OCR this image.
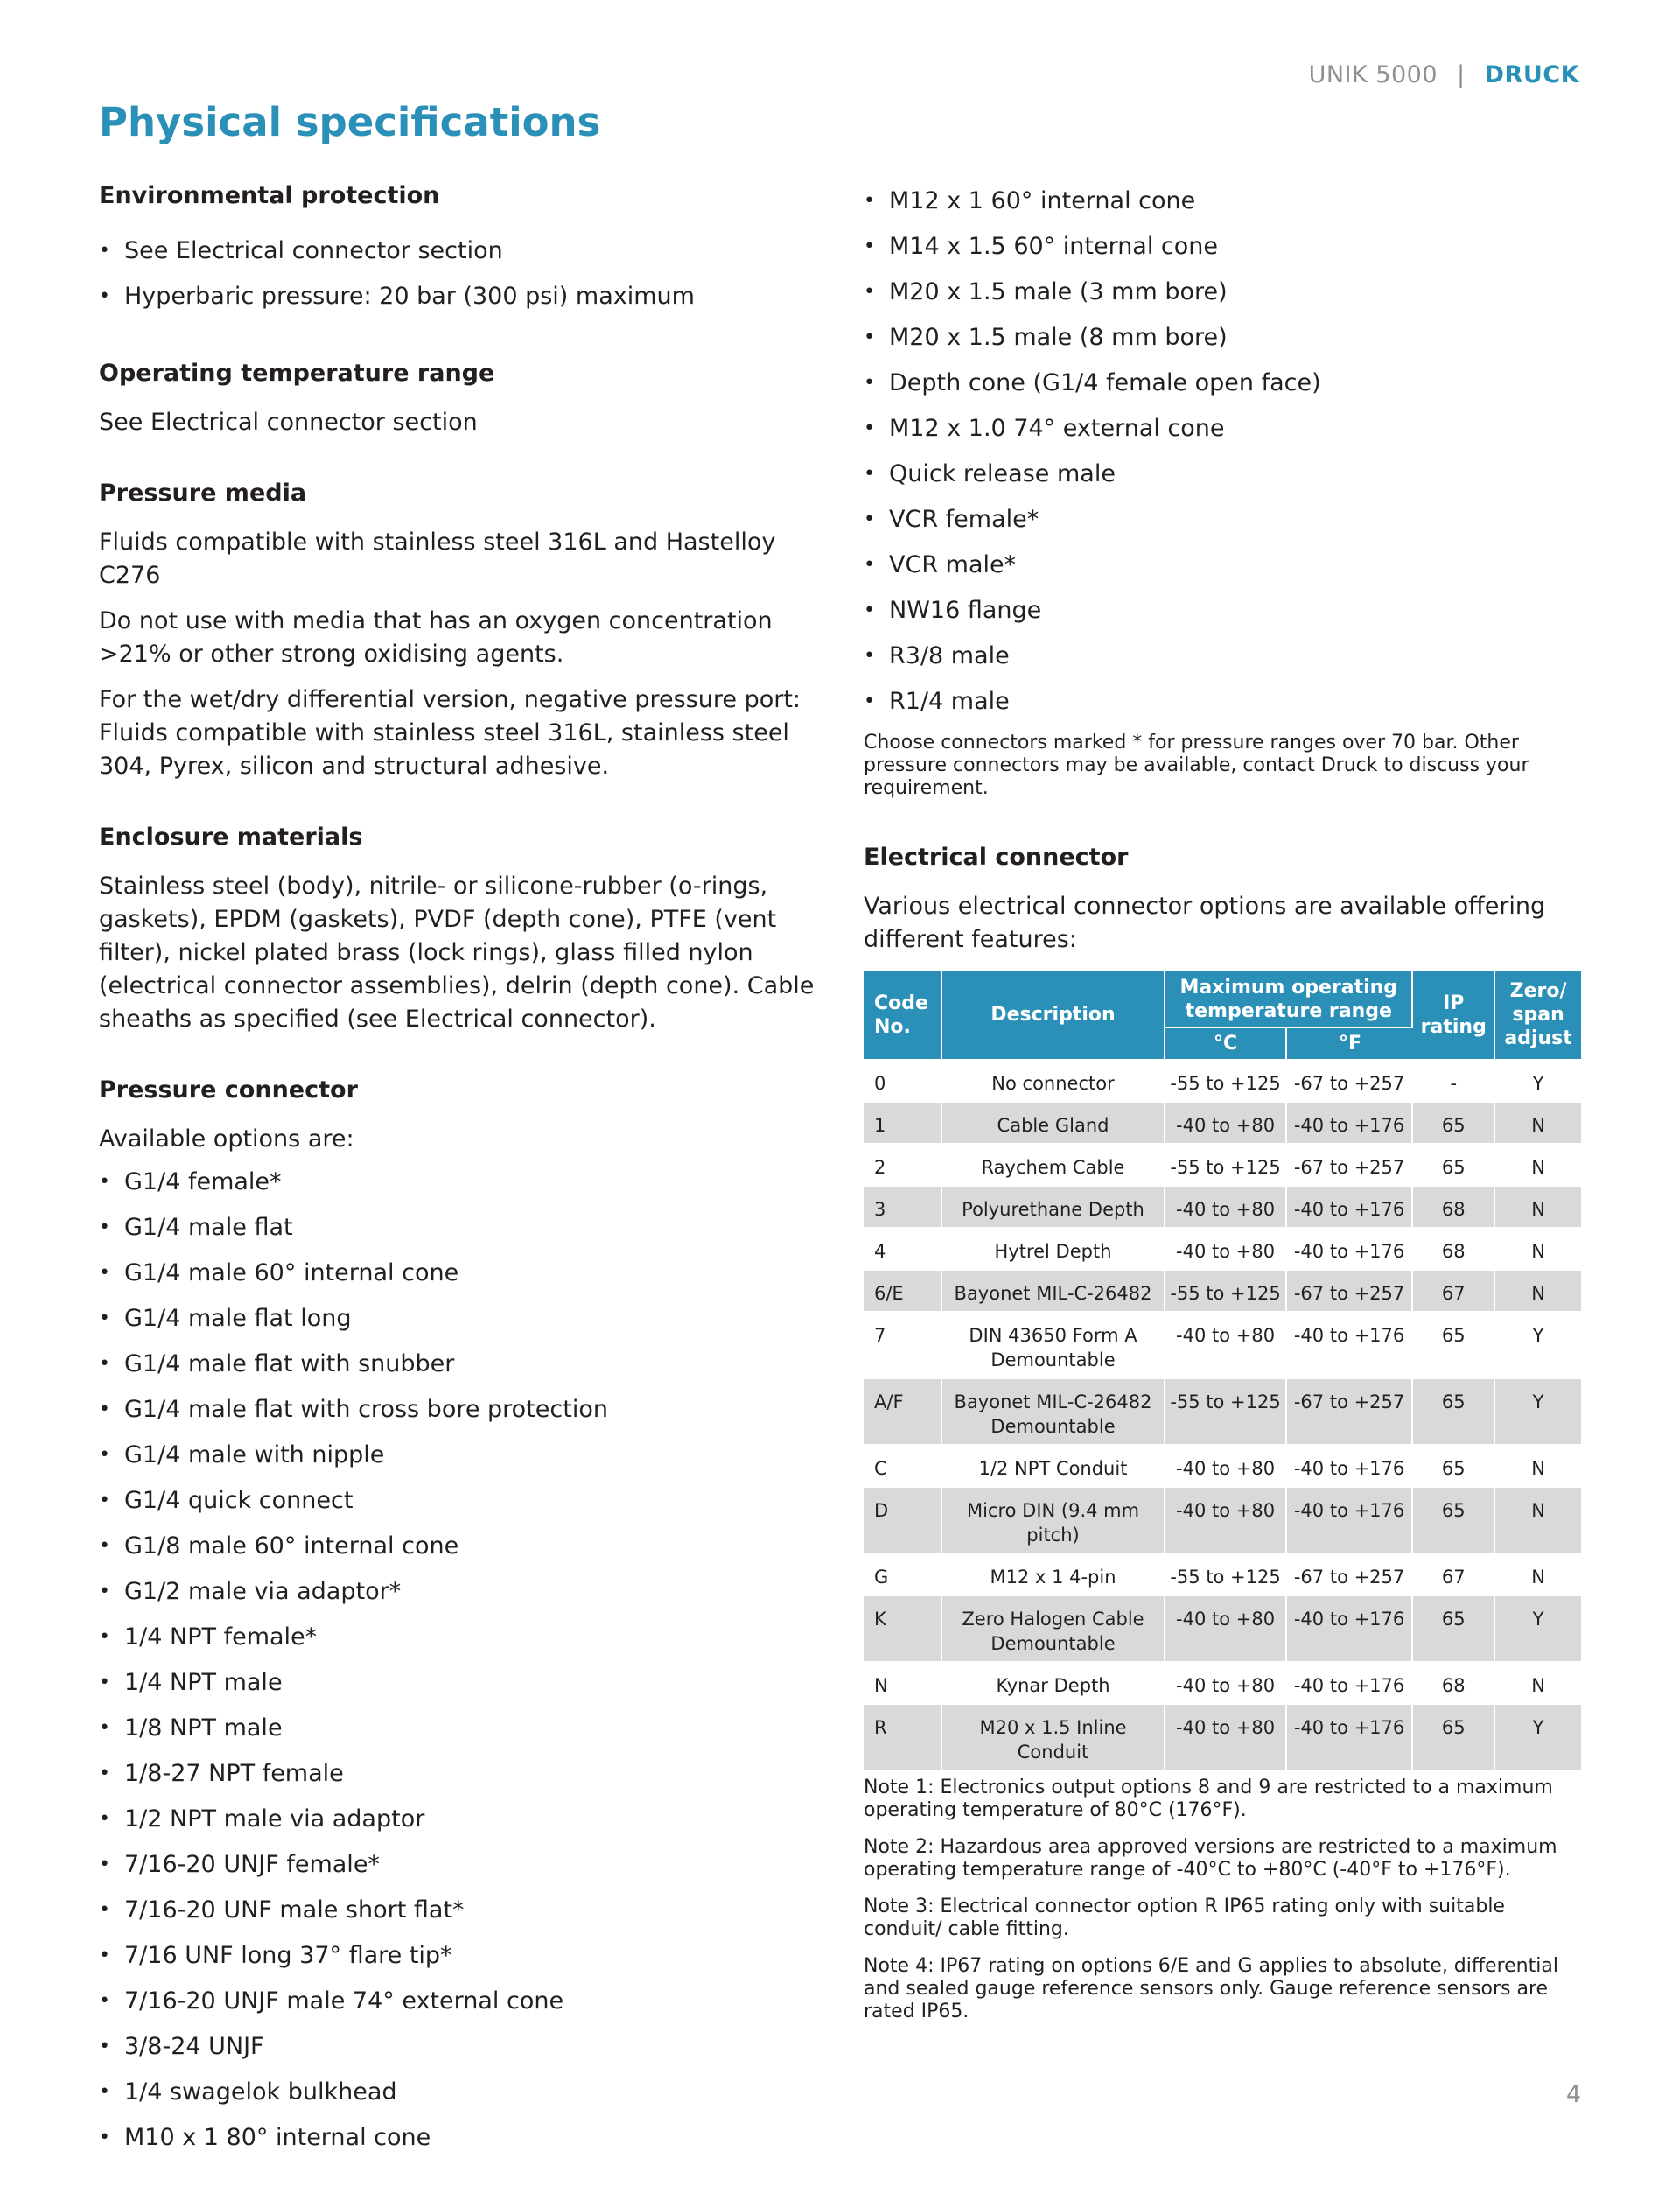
UNIK 5000 | DRUCK
Physical specifications
Environmental protection
• See Electrical connector section
• Hyperbaric pressure: 20 bar (300 psi) maximum
Operating temperature range

See Electrical connector section

Pressure media

Fluids compatible with stainless steel 316L and Hastelloy C276

Do not use with media that has an oxygen concentration >21% or other strong oxidising agents.

For the wet/dry differential version, negative pressure port: Fluids compatible with stainless steel 316L, stainless steel 304, Pyrex, silicon and structural adhesive.

Enclosure materials

Stainless steel (body), nitrile- or silicone-rubber (o-rings, gaskets), EPDM (gaskets), PVDF (depth cone), PTFE (vent filter), nickel plated brass (lock rings), glass filled nylon (electrical connector assemblies), delrin (depth cone). Cable sheaths as specified (see Electrical connector).

Pressure connector

Available options are:

• G1/4 female*
• G1/4 male flat
• G1/4 male 60° internal cone
• G1/4 male flat long
• G1/4 male flat with snubber
• G1/4 male flat with cross bore protection
• G1/4 male with nipple
• G1/4 quick connect
• G1/8 male 60° internal cone
• G1/2 male via adaptor*
• 1/4 NPT female*
• 1/4 NPT male
• 1/8 NPT male
• 1/8-27 NPT female
• 1/2 NPT male via adaptor
• 7/16-20 UNJF female*
• 7/16-20 UNF male short flat*
• 7/16 UNF long 37° flare tip*
• 7/16-20 UNJF male 74° external cone
• 3/8-24 UNJF
• 1/4 swagelok bulkhead
• M10 x 1 80° internal cone
• M12 x 1 60° internal cone
• M14 x 1.5 60° internal cone
• M20 x 1.5 male (3 mm bore)
• M20 x 1.5 male (8 mm bore)
• Depth cone (G1/4 female open face)
• M12 x 1.0 74° external cone
• Quick release male
• VCR female*
• VCR male*
• NW16 flange
• R3/8 male
• R1/4 male

Choose connectors marked * for pressure ranges over 70 bar. Other pressure connectors may be available, contact Druck to discuss your requirement.

Electrical connector

Various electrical connector options are available offering different features:

Code No.	Description	Maximum operating temperature range		IP rating	Zero/ span adjust
		°C	°F		
0	No connector	-55 to +125	-67 to +257	-	Y
1	Cable Gland	-40 to +80	-40 to +176	65	N
2	Raychem Cable	-55 to +125	-67 to +257	65	N
3	Polyurethane Depth	-40 to +80	-40 to +176	68	N
4	Hytrel Depth	-40 to +80	-40 to +176	68	N
6/E	Bayonet MIL-C-26482	-55 to +125	-67 to +257	67	N
7	DIN 43650 Form A Demountable	-40 to +80	-40 to +176	65	Y
A/F	Bayonet MIL-C-26482 Demountable	-55 to +125	-67 to +257	65	Y
C	1/2 NPT Conduit	-40 to +80	-40 to +176	65	N
D	Micro DIN (9.4 mm pitch)	-40 to +80	-40 to +176	65	N
G	M12 x 1 4-pin	-55 to +125	-67 to +257	67	N
K	Zero Halogen Cable Demountable	-40 to +80	-40 to +176	65	Y
N	Kynar Depth	-40 to +80	-40 to +176	68	N
R	M20 x 1.5 Inline Conduit	-40 to +80	-40 to +176	65	Y

Note 1: Electronics output options 8 and 9 are restricted to a maximum operating temperature of 80°C (176°F).

Note 2: Hazardous area approved versions are restricted to a maximum operating temperature range of -40°C to +80°C (-40°F to +176°F).

Note 3: Electrical connector option R IP65 rating only with suitable conduit/ cable fitting.

Note 4: IP67 rating on options 6/E and G applies to absolute, differential and sealed gauge reference sensors only. Gauge reference sensors are rated IP65.

4
